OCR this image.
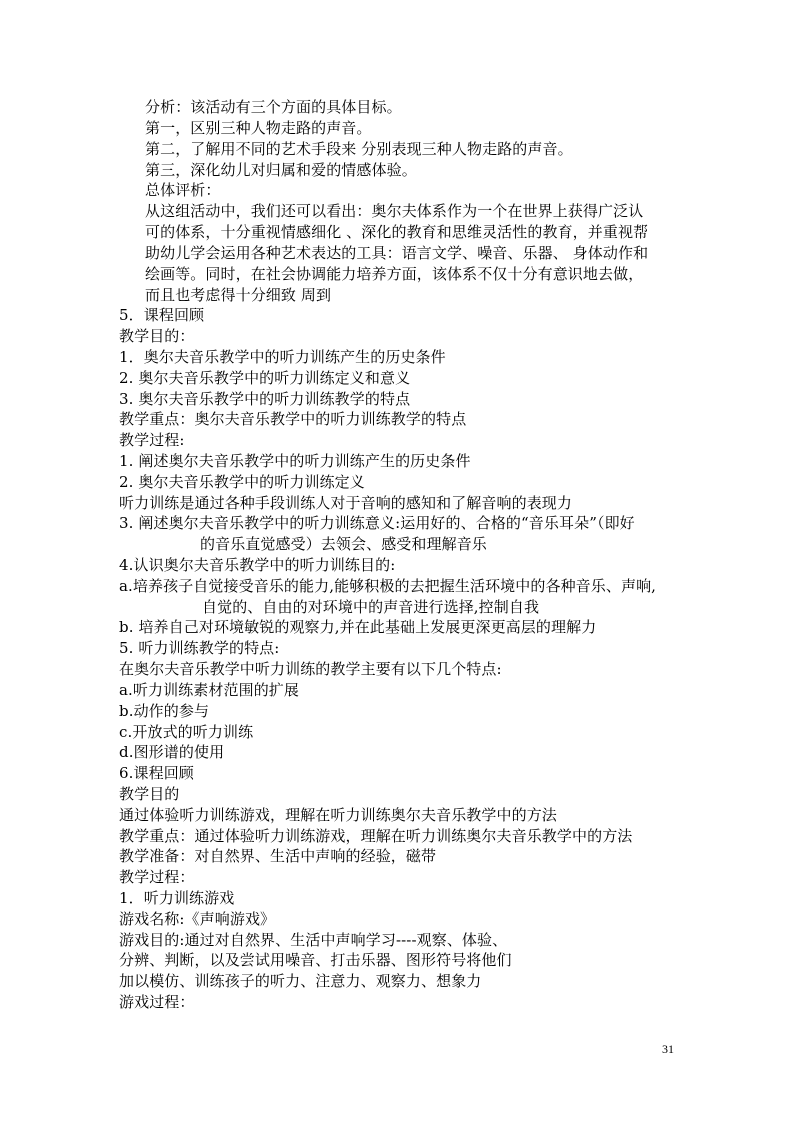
分析：该活动有三个方面的具体目标。
第一，区别三种人物走路的声音。
第二，了解用不同的艺术手段来 分别表现三种人物走路的声音。
第三，深化幼儿对归属和爱的情感体验。
总体评析：
从这组活动中，我们还可以看出：奥尔夫体系作为一个在世界上获得广泛认
可的体系，十分重视情感细化 、深化的教育和思维灵活性的教育，并重视帮
助幼儿学会运用各种艺术表达的工具：语言文学、噪音、乐器、 身体动作和
绘画等。同时，在社会协调能力培养方面，该体系不仅十分有意识地去做，
而且也考虑得十分细致 周到
5．课程回顾
教学目的：
1．奥尔夫音乐教学中的听力训练产生的历史条件
2. 奥尔夫音乐教学中的听力训练定义和意义
3. 奥尔夫音乐教学中的听力训练教学的特点
教学重点：奥尔夫音乐教学中的听力训练教学的特点
教学过程:
1. 阐述奥尔夫音乐教学中的听力训练产生的历史条件
2. 奥尔夫音乐教学中的听力训练定义
听力训练是通过各种手段训练人对于音响的感知和了解音响的表现力
3. 阐述奥尔夫音乐教学中的听力训练意义:运用好的、合格的“音乐耳朵”（即好
的音乐直觉感受）去领会、感受和理解音乐
4.认识奥尔夫音乐教学中的听力训练目的:
a.培养孩子自觉接受音乐的能力,能够积极的去把握生活环境中的各种音乐、声响,
自觉的、自由的对环境中的声音进行选择,控制自我
b. 培养自己对环境敏锐的观察力,并在此基础上发展更深更高层的理解力
5. 听力训练教学的特点:
在奥尔夫音乐教学中听力训练的教学主要有以下几个特点:
a.听力训练素材范围的扩展
b.动作的参与
c.开放式的听力训练
d.图形谱的使用
6.课程回顾
教学目的
通过体验听力训练游戏，理解在听力训练奥尔夫音乐教学中的方法
教学重点：通过体验听力训练游戏，理解在听力训练奥尔夫音乐教学中的方法
教学准备：对自然界、生活中声响的经验，磁带
教学过程：
1．听力训练游戏
游戏名称:《声响游戏》
游戏目的:通过对自然界、生活中声响学习----观察、体验、
分辨、判断，以及尝试用噪音、打击乐器、图形符号将他们
加以模仿、训练孩子的听力、注意力、观察力、想象力
游戏过程：
31
